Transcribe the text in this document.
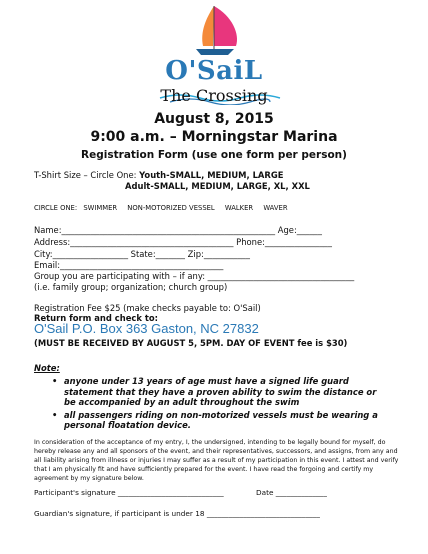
O'SaiL
The Crossing
August 8, 2015
9:00 a.m. – Morningstar Marina
Registration Form (use one form per person)
T-Shirt Size – Circle One: Youth-SMALL, MEDIUM, LARGE
Adult-SMALL, MEDIUM, LARGE, XL, XXL
CIRCLE ONE: SWIMMER NON-MOTORIZED VESSEL WALKER WAVER
Name:___________________________________________________ Age:______
Address:_______________________________________ Phone:________________
City:__________________ State:_______ Zip:___________
Email:_______________________________________
Group you are participating with – if any: ___________________________________
(i.e. family group; organization; church group)
Registration Fee $25 (make checks payable to: O'Sail)
Return form and check to:
O'Sail P.O. Box 363 Gaston, NC 27832
(MUST BE RECEIVED BY AUGUST 5, 5PM. DAY OF EVENT fee is $30)
Note:
• anyone under 13 years of age must have a signed life guard statement that they have a proven ability to swim the distance or be accompanied by an adult throughout the swim
• all passengers riding on non-motorized vessels must be wearing a personal floatation device.
In consideration of the acceptance of my entry, I, the undersigned, intending to be legally bound for myself, do hereby release any and all sponsors of the event, and their representatives, successors, and assigns, from any and all liability arising from illness or injuries I may suffer as a result of my participation in this event. I attest and verify that I am physically fit and have sufficiently prepared for the event. I have read the forgoing and certify my agreement by my signature below.
Participant's signature _____________________________	Date ______________
Guardian's signature, if participant is under 18 _______________________________
